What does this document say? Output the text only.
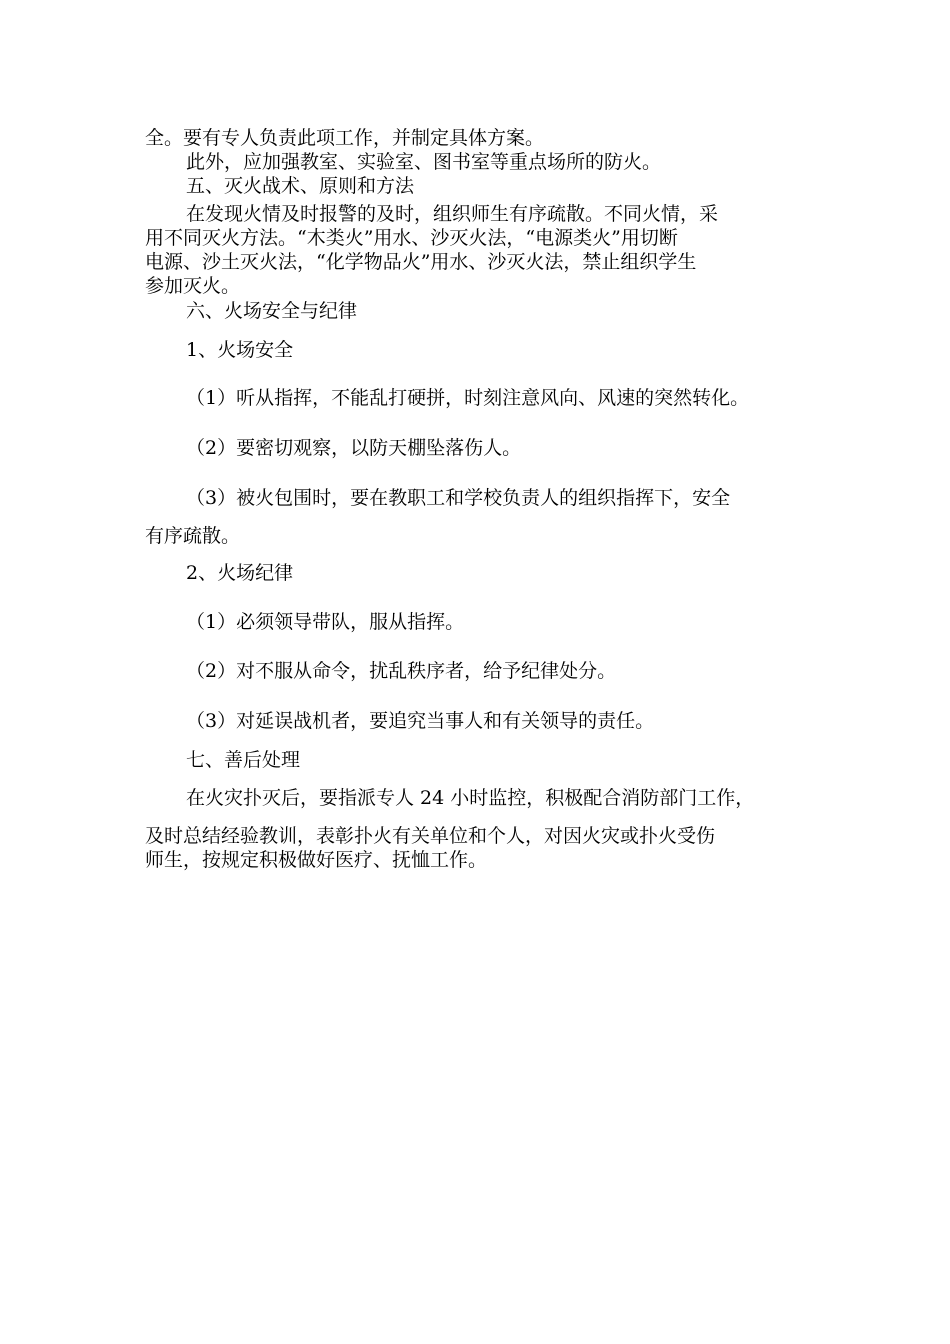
全。要有专人负责此项工作，并制定具体方案。
此外，应加强教室、实验室、图书室等重点场所的防火。
五、灭火战术、原则和方法
在发现火情及时报警的及时，组织师生有序疏散。不同火情，采
用不同灭火方法。“木类火”用水、沙灭火法，“电源类火”用切断
电源、沙土灭火法，“化学物品火”用水、沙灭火法，禁止组织学生
参加灭火。
六、火场安全与纪律
1、火场安全
（1）听从指挥，不能乱打硬拼，时刻注意风向、风速的突然转化。
（2）要密切观察，以防天棚坠落伤人。
（3）被火包围时，要在教职工和学校负责人的组织指挥下，安全
有序疏散。
2、火场纪律
（1）必须领导带队，服从指挥。
（2）对不服从命令，扰乱秩序者，给予纪律处分。
（3）对延误战机者，要追究当事人和有关领导的责任。
七、善后处理
在火灾扑灭后，要指派专人 24 小时监控，积极配合消防部门工作，
及时总结经验教训，表彰扑火有关单位和个人，对因火灾或扑火受伤
师生，按规定积极做好医疗、抚恤工作。
